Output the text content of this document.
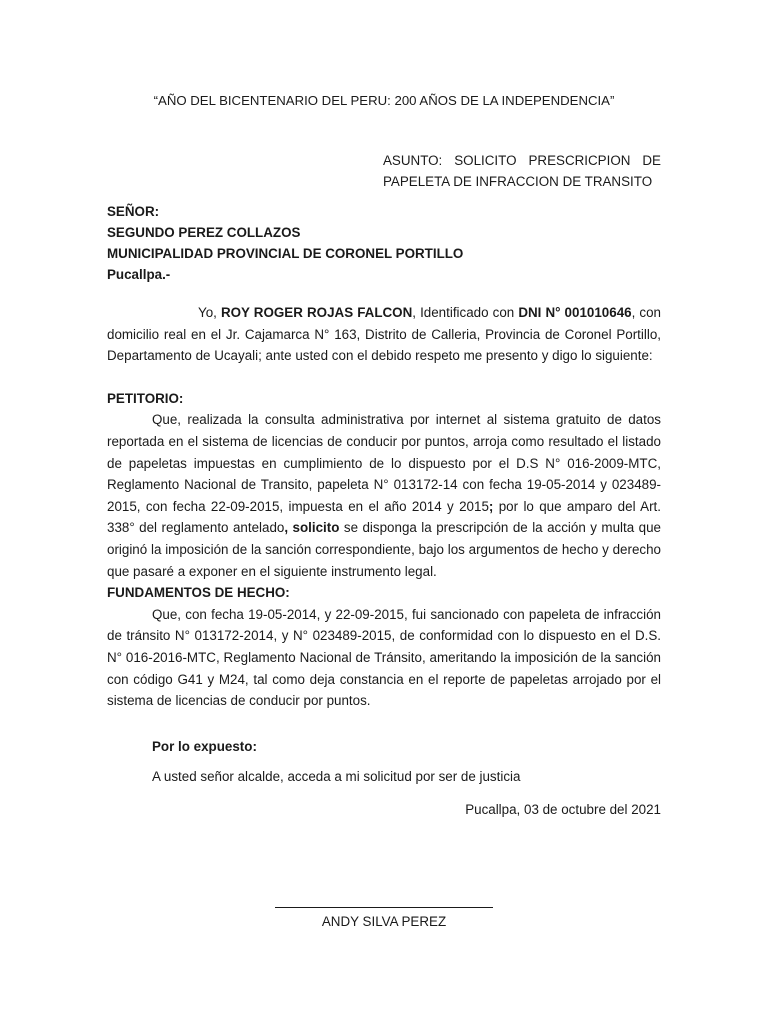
“AÑO DEL BICENTENARIO DEL PERU: 200 AÑOS DE LA INDEPENDENCIA”
ASUNTO: SOLICITO PRESCRICPION DE
PAPELETA DE INFRACCION DE TRANSITO
SEÑOR:
SEGUNDO PEREZ COLLAZOS
MUNICIPALIDAD PROVINCIAL DE CORONEL PORTILLO
Pucallpa.-

Yo, ROY ROGER ROJAS FALCON, Identificado con DNI N° 001010646, con domicilio real en el Jr. Cajamarca N° 163, Distrito de Calleria, Provincia de Coronel Portillo, Departamento de Ucayali; ante usted con el debido respeto me presento y digo lo siguiente:

PETITORIO:

Que, realizada la consulta administrativa por internet al sistema gratuito de datos reportada en el sistema de licencias de conducir por puntos, arroja como resultado el listado de papeletas impuestas en cumplimiento de lo dispuesto por el D.S N° 016-2009-MTC, Reglamento Nacional de Transito, papeleta N° 013172-14 con fecha 19-05-2014 y 023489-2015, con fecha 22-09-2015, impuesta en el año 2014 y 2015; por lo que amparo del Art. 338° del reglamento antelado, solicito se disponga la prescripción de la acción y multa que originó la imposición de la sanción correspondiente, bajo los argumentos de hecho y derecho que pasaré a exponer en el siguiente instrumento legal.

FUNDAMENTOS DE HECHO:

Que, con fecha 19-05-2014, y 22-09-2015, fui sancionado con papeleta de infracción de tránsito N° 013172-2014, y N° 023489-2015, de conformidad con lo dispuesto en el D.S. N° 016-2016-MTC, Reglamento Nacional de Tránsito, ameritando la imposición de la sanción con código G41 y M24, tal como deja constancia en el reporte de papeletas arrojado por el sistema de licencias de conducir por puntos.

Por lo expuesto:
A usted señor alcalde, acceda a mi solicitud por ser de justicia
Pucallpa, 03 de octubre del 2021
ANDY SILVA PEREZ
